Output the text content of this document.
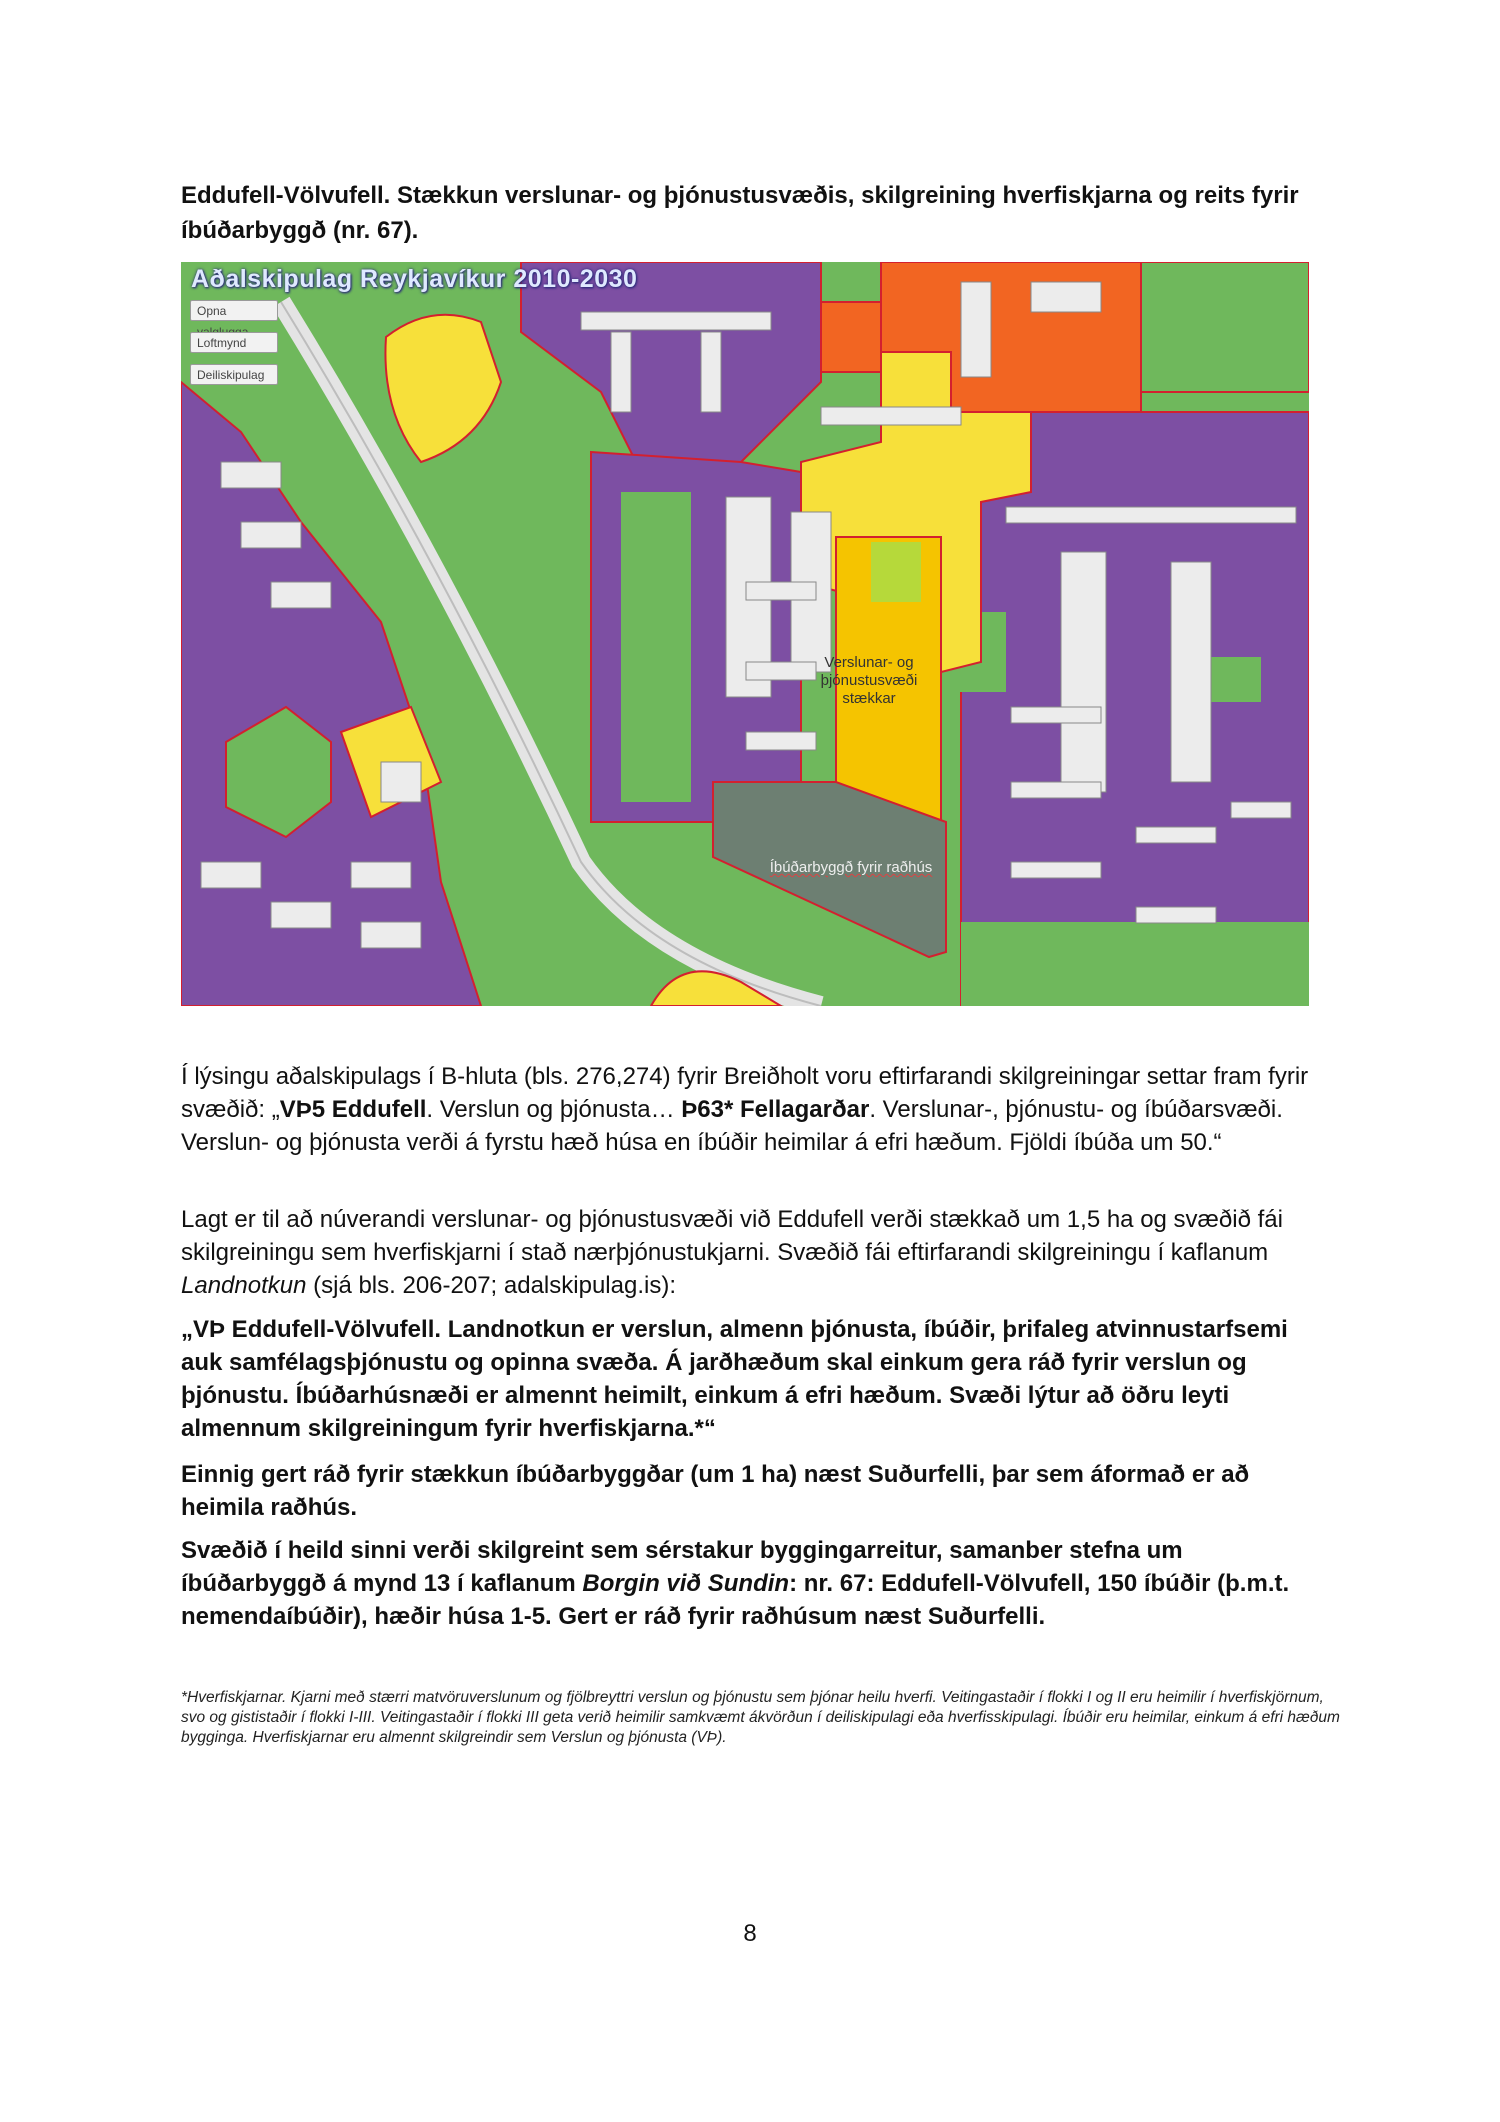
Eddufell-Völvufell. Stækkun verslunar- og þjónustusvæðis, skilgreining hverfiskjarna og reits fyrir íbúðarbyggð (nr. 67).
Aðalskipulag Reykjavíkur 2010-2030
Opna
Loftmynd
Deiliskipulag
Verslunar- og
þjónustusvæði
stækkar
Íbúðarbyggð fyrir raðhús

Í lýsingu aðalskipulags í B-hluta (bls. 276,274) fyrir Breiðholt voru eftirfarandi skilgreiningar settar fram fyrir svæðið: „VÞ5 Eddufell. Verslun og þjónusta… Þ63* Fellagarðar. Verslunar-, þjónustu- og íbúðarsvæði. Verslun- og þjónusta verði á fyrstu hæð húsa en íbúðir heimilar á efri hæðum. Fjöldi íbúða um 50.“

Lagt er til að núverandi verslunar- og þjónustusvæði við Eddufell verði stækkað um 1,5 ha og svæðið fái skilgreiningu sem hverfiskjarni í stað nærþjónustukjarni. Svæðið fái eftirfarandi skilgreiningu í kaflanum Landnotkun (sjá bls. 206-207; adalskipulag.is):

„VÞ Eddufell-Völvufell. Landnotkun er verslun, almenn þjónusta, íbúðir, þrifaleg atvinnustarfsemi auk samfélagsþjónustu og opinna svæða. Á jarðhæðum skal einkum gera ráð fyrir verslun og þjónustu. Íbúðarhúsnæði er almennt heimilt, einkum á efri hæðum. Svæði lýtur að öðru leyti almennum skilgreiningum fyrir hverfiskjarna.*“
Einnig gert ráð fyrir stækkun íbúðarbyggðar (um 1 ha) næst Suðurfelli, þar sem áformað er að heimila raðhús.

Svæðið í heild sinni verði skilgreint sem sérstakur byggingarreitur, samanber stefna um íbúðarbyggð á mynd 13 í kaflanum Borgin við Sundin: nr. 67: Eddufell-Völvufell, 150 íbúðir (þ.m.t. nemendaíbúðir), hæðir húsa 1-5. Gert er ráð fyrir raðhúsum næst Suðurfelli.

*Hverfiskjarnar. Kjarni með stærri matvöruverslunum og fjölbreyttri verslun og þjónustu sem þjónar heilu hverfi. Veitingastaðir í flokki I og II eru heimilir í hverfiskjörnum, svo og gististaðir í flokki I-III. Veitingastaðir í flokki III geta verið heimilir samkvæmt ákvörðun í deiliskipulagi eða hverfisskipulagi. Íbúðir eru heimilar, einkum á efri hæðum bygginga. Hverfiskjarnar eru almennt skilgreindir sem Verslun og þjónusta (VÞ).
8
